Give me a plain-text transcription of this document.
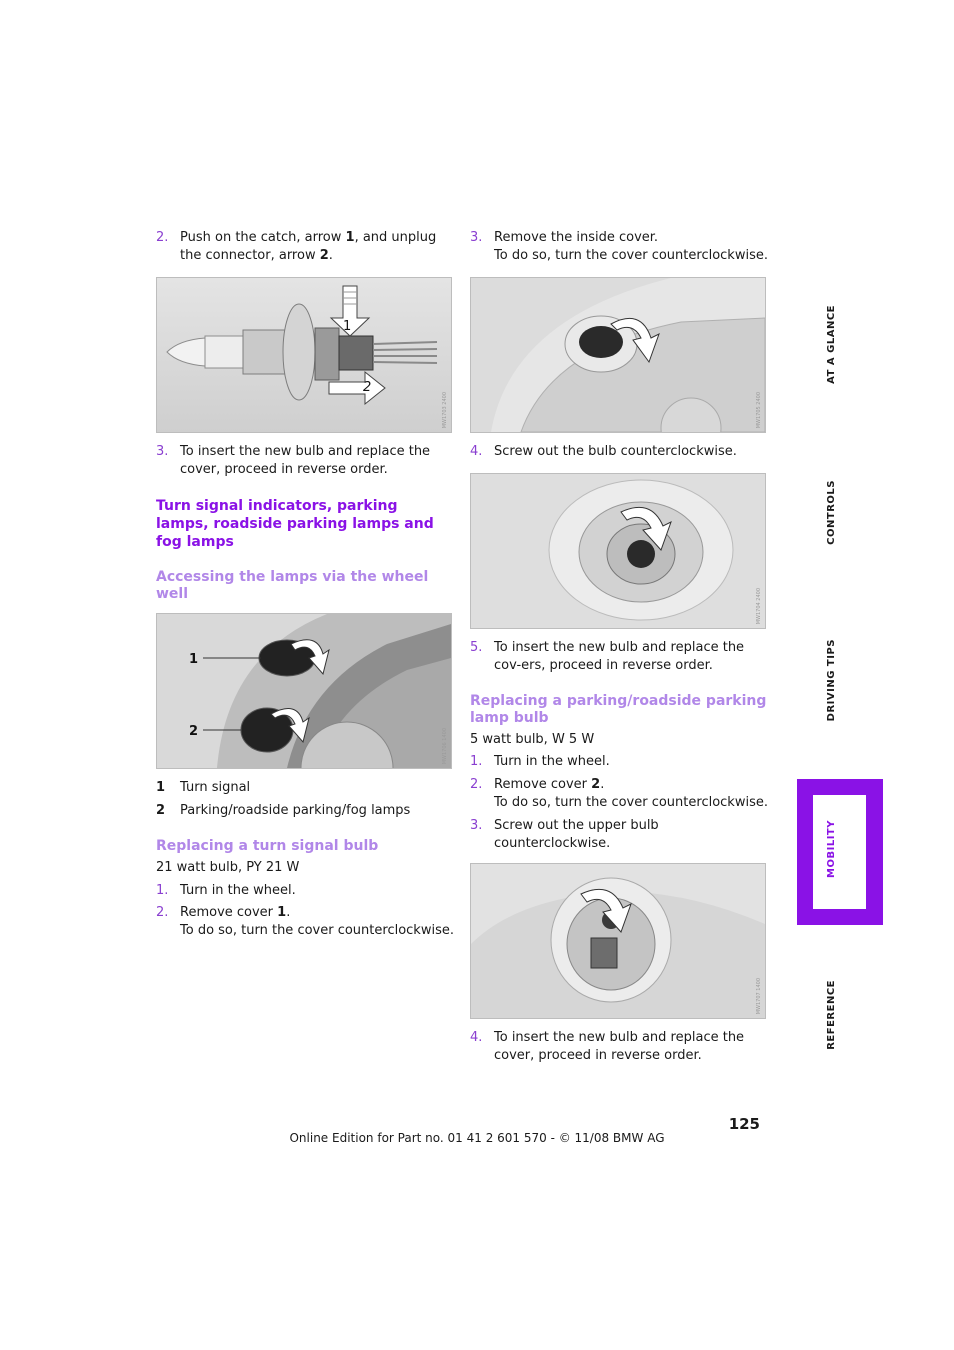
2. Push on the catch, arrow 1, and unplug the connector, arrow 2.

1
2
MW1703 2400

3. To insert the new bulb and replace the cover, proceed in reverse order.

Turn signal indicators, parking lamps, roadside parking lamps and fog lamps
Accessing the lamps via the wheel well
1
2	MW1706 1400
1 Turn signal
2 Parking/roadside parking/fog lamps
Replacing a turn signal bulb

21 watt bulb, PY 21 W

1. Turn in the wheel.

2. Remove cover 1.
To do so, turn the cover counterclockwise.

3. Remove the inside cover.
To do so, turn the cover counterclockwise.

MW1705 2400

4. Screw out the bulb counterclockwise.

MW1704 2400

5. To insert the new bulb and replace the cov-ers, proceed in reverse order.

Replacing a parking/roadside parking lamp bulb

5 watt bulb, W 5 W

1. Turn in the wheel.

2. Remove cover 2.
To do so, turn the cover counterclockwise.

3. Screw out the upper bulb counterclockwise.

MW1707 1400

4. To insert the new bulb and replace the cover, proceed in reverse order.

AT A GLANCE
CONTROLS
DRIVING TIPS
MOBILITY
REFERENCE
125
Online Edition for Part no. 01 41 2 601 570 - © 11/08 BMW AG
